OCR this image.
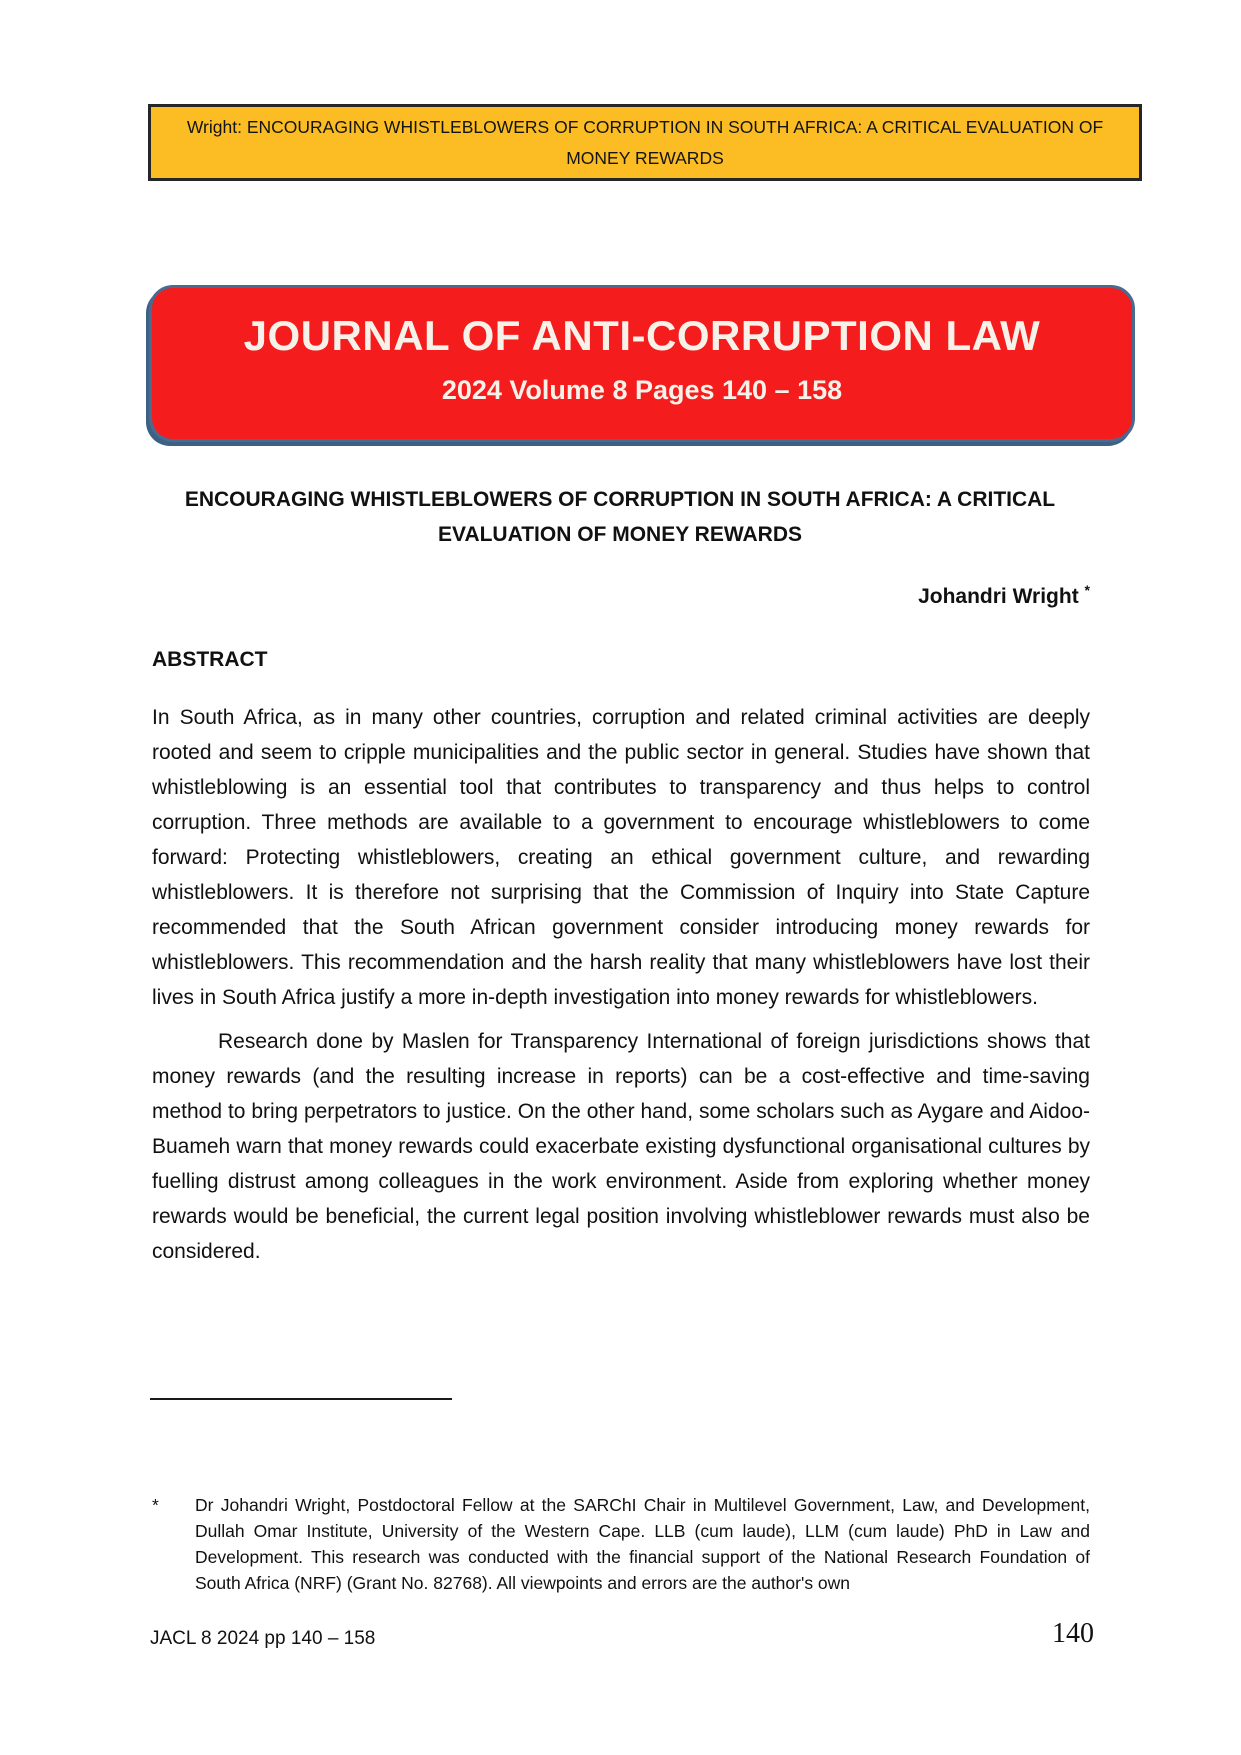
Wright: ENCOURAGING WHISTLEBLOWERS OF CORRUPTION IN SOUTH AFRICA: A CRITICAL EVALUATION OF
MONEY REWARDS
JOURNAL OF ANTI-CORRUPTION LAW
2024 Volume 8 Pages 140 – 158
ENCOURAGING WHISTLEBLOWERS OF CORRUPTION IN SOUTH AFRICA: A CRITICAL EVALUATION OF MONEY REWARDS
Johandri Wright *
ABSTRACT

In South Africa, as in many other countries, corruption and related criminal activities are deeply rooted and seem to cripple municipalities and the public sector in general. Studies have shown that whistleblowing is an essential tool that contributes to transparency and thus helps to control corruption. Three methods are available to a government to encourage whistleblowers to come forward: Protecting whistleblowers, creating an ethical government culture, and rewarding whistleblowers. It is therefore not surprising that the Commission of Inquiry into State Capture recommended that the South African government consider introducing money rewards for whistleblowers. This recommendation and the harsh reality that many whistleblowers have lost their lives in South Africa justify a more in-depth investigation into money rewards for whistleblowers.

Research done by Maslen for Transparency International of foreign jurisdictions shows that money rewards (and the resulting increase in reports) can be a cost-effective and time-saving method to bring perpetrators to justice. On the other hand, some scholars such as Aygare and Aidoo-Buameh warn that money rewards could exacerbate existing dysfunctional organisational cultures by fuelling distrust among colleagues in the work environment. Aside from exploring whether money rewards would be beneficial, the current legal position involving whistleblower rewards must also be considered.

*	Dr Johandri Wright, Postdoctoral Fellow at the SARChI Chair in Multilevel Government, Law, and Development, Dullah Omar Institute, University of the Western Cape. LLB (cum laude), LLM (cum laude) PhD in Law and Development. This research was conducted with the financial support of the National Research Foundation of South Africa (NRF) (Grant No. 82768). All viewpoints and errors are the author's own
JACL 8 2024 pp 140 – 158	140
